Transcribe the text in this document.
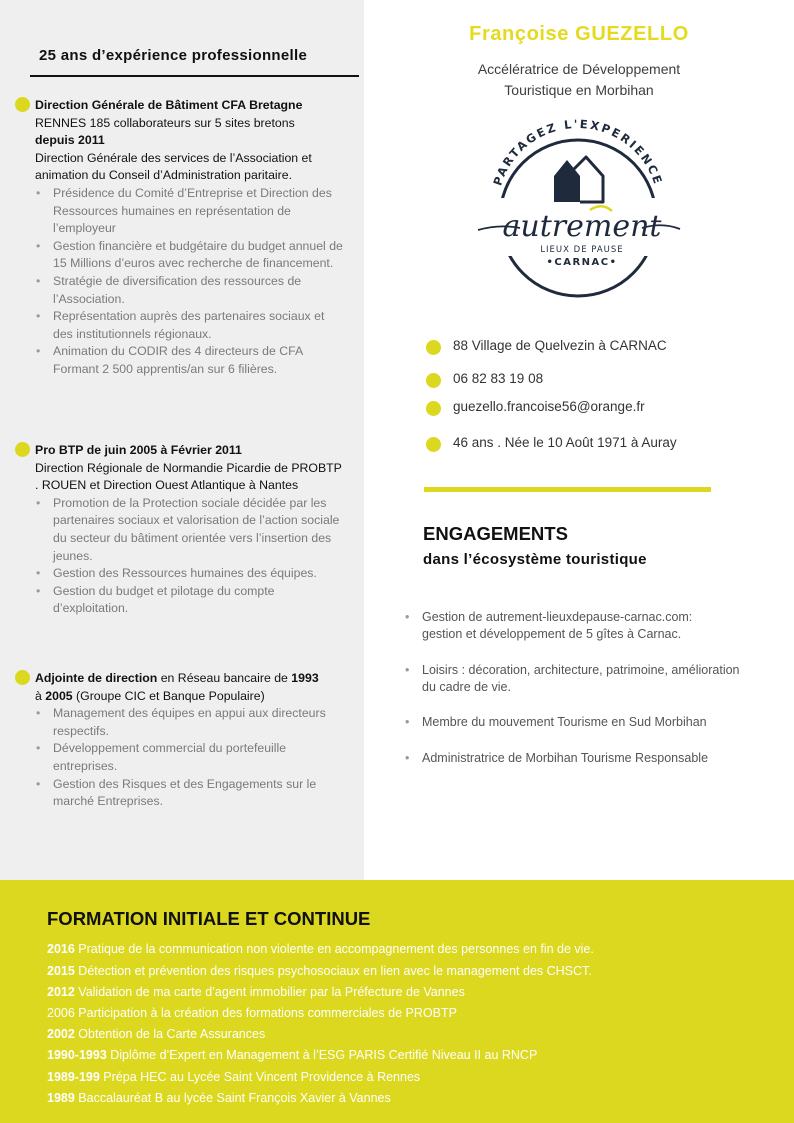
25 ans d’expérience professionnelle
Direction Générale de Bâtiment CFA Bretagne
RENNES 185 collaborateurs sur 5 sites bretons
depuis 2011
Direction Générale des services de l’Association et animation du Conseil d’Administration paritaire.
• Présidence du Comité d’Entreprise et Direction des Ressources humaines en représentation de l’employeur
• Gestion financière et budgétaire du budget annuel de 15 Millions d’euros avec recherche de financement.
• Stratégie de diversification des ressources de l’Association.
• Représentation auprès des partenaires sociaux et des institutionnels régionaux.
• Animation du CODIR des 4 directeurs de CFA Formant 2 500 apprentis/an sur 6 filières.
Pro BTP de juin 2005 à Février 2011
Direction Régionale de Normandie Picardie de PROBTP . ROUEN et Direction Ouest Atlantique à Nantes
• Promotion de la Protection sociale décidée par les partenaires sociaux et valorisation de l’action sociale du secteur du bâtiment orientée vers l’insertion des jeunes.
• Gestion des Ressources humaines des équipes.
• Gestion du budget et pilotage du compte d’exploitation.
Adjointe de direction en Réseau bancaire de 1993
à 2005 (Groupe CIC et Banque Populaire)
• Management des équipes en appui aux directeurs respectifs.
• Développement commercial du portefeuille entreprises.
• Gestion des Risques et des Engagements sur le marché Entreprises.
Françoise GUEZELLO
Accélératrice de Développement
Touristique en Morbihan
PARTAGEZ L'EXPERIENCE
autrement
LIEUX DE PAUSE
•CARNAC•
88 Village de Quelvezin à CARNAC
06 82 83 19 08
guezello.francoise56@orange.fr
46 ans . Née le 10 Août 1971 à Auray
ENGAGEMENTS
dans l’écosystème touristique
• Gestion de autrement-lieuxdepause-carnac.com:
gestion et développement de 5 gîtes à Carnac.
• Loisirs : décoration, architecture, patrimoine, amélioration
du cadre de vie.
• Membre du mouvement Tourisme en Sud Morbihan
• Administratrice de Morbihan Tourisme Responsable
FORMATION INITIALE ET CONTINUE
2016 Pratique de la communication non violente en accompagnement des personnes en fin de vie.
2015 Détection et prévention des risques psychosociaux en lien avec le management des CHSCT.
2012 Validation de ma carte d’agent immobilier par la Préfecture de Vannes
2006 Participation à la création des formations commerciales de PROBTP
2002 Obtention de la Carte Assurances
1990-1993 Diplôme d’Expert en Management à l’ESG PARIS Certifié Niveau II au RNCP
1989-199 Prépa HEC au Lycée Saint Vincent Providence à Rennes
1989 Baccalauréat B au lycée Saint François Xavier à Vannes
